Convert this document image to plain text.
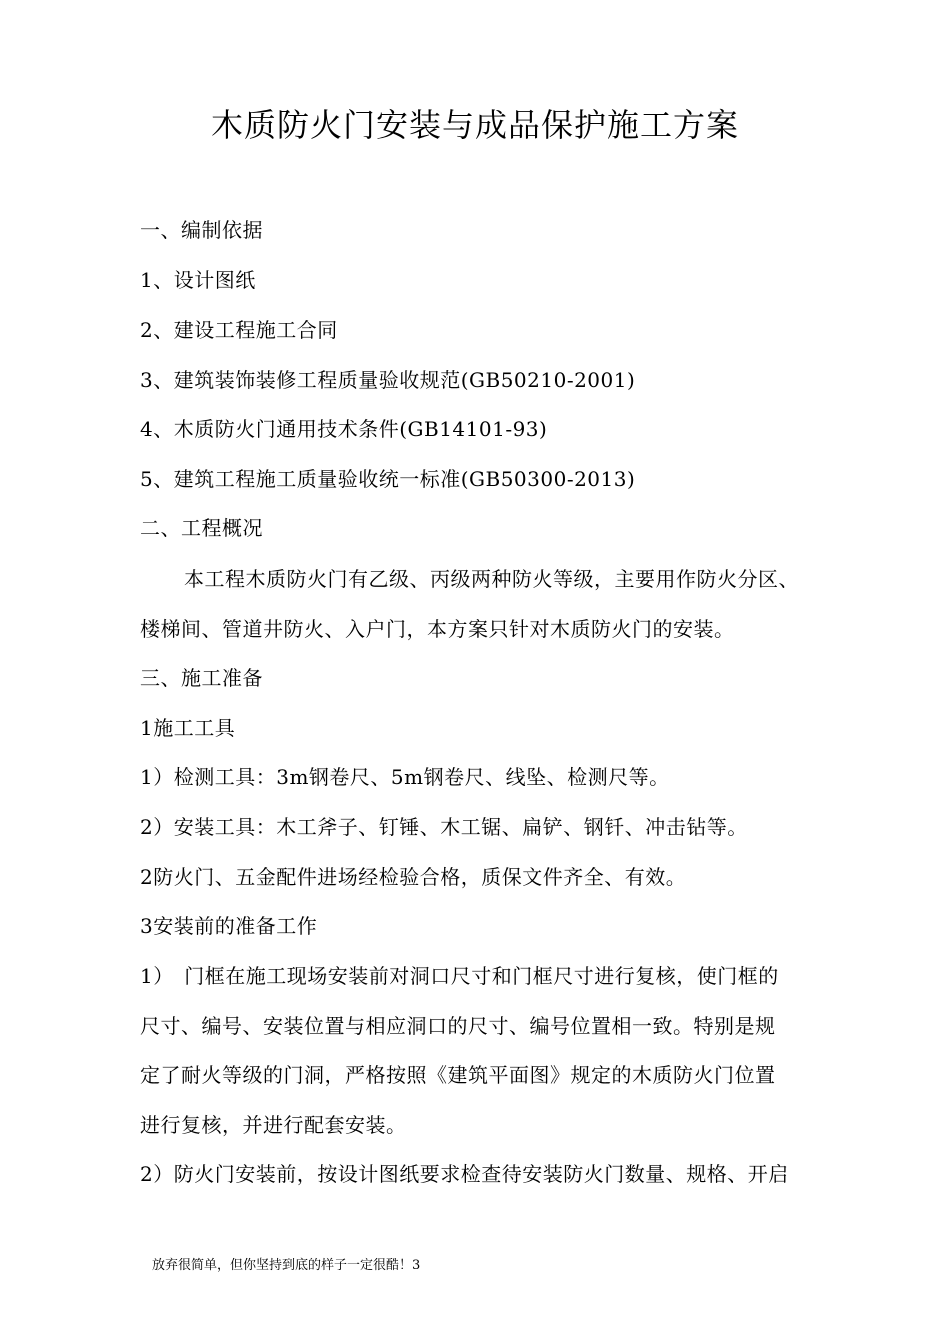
木质防火门安装与成品保护施工方案
一、编制依据
1、设计图纸
2、建设工程施工合同
3、建筑装饰装修工程质量验收规范(GB50210-2001)
4、木质防火门通用技术条件(GB14101-93)
5、建筑工程施工质量验收统一标准(GB50300-2013)
二、工程概况
本工程木质防火门有乙级、丙级两种防火等级，主要用作防火分区、
楼梯间、管道井防火、入户门，本方案只针对木质防火门的安装。
三、施工准备
1施工工具
1）检测工具：3m钢卷尺、5m钢卷尺、线坠、检测尺等。
2）安装工具：木工斧子、钉锤、木工锯、扁铲、钢钎、冲击钻等。
2防火门、五金配件进场经检验合格，质保文件齐全、有效。
3安装前的准备工作
1）　门框在施工现场安装前对洞口尺寸和门框尺寸进行复核，使门框的
尺寸、编号、安装位置与相应洞口的尺寸、编号位置相一致。特别是规
定了耐火等级的门洞，严格按照《建筑平面图》规定的木质防火门位置
进行复核，并进行配套安装。
2）防火门安装前，按设计图纸要求检查待安装防火门数量、规格、开启
放弃很简单，但你坚持到底的样子一定很酷！3
